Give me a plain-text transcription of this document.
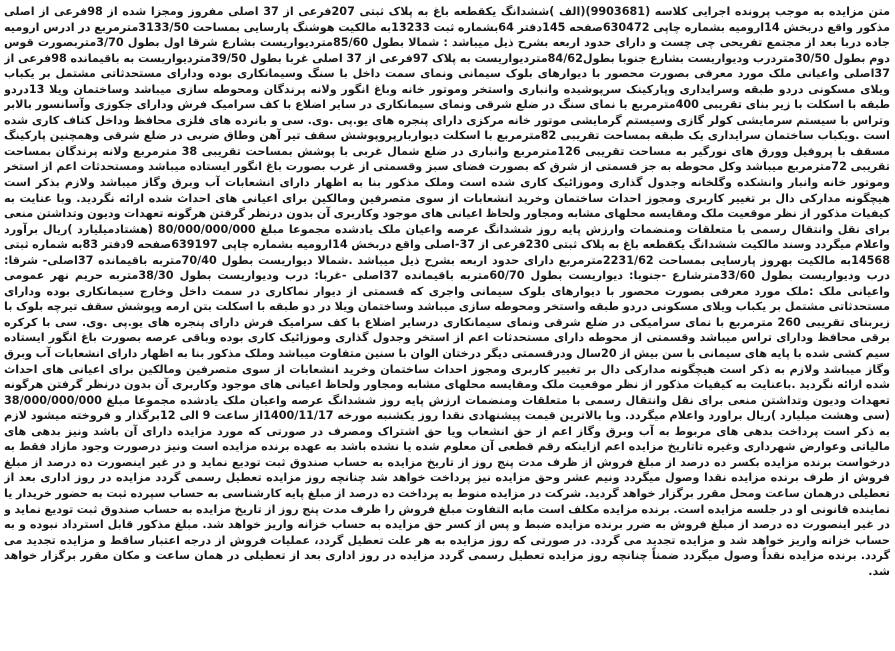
متن مزایده به موجب پرونده اجرایی کلاسه (9903681)(الف )ششدانگ یکقطعه باغ به پلاک ثبتی 207فرعی از 37 اصلی مفروز ومجزا شده از 98فرعی از اصلی مذکور واقع دربخش 14ارومیه بشماره چاپی 630472صفحه 145دفتر 64بشماره ثبت 13233به مالکیت هوشنگ پارسایی بمساحت 3133/50مترمربع در ادرس ارومیه جاده دربا بعد از مجتمع تفریحی چی چست و دارای حدود اربعه بشرح ذیل میباشد : شمالا بطول 85/60متردیواریست بشارع شرقا اول بطول 3/70متربصورت قوس دوم بطول 30/50متردرب ودیواریست بشارع جنوبا بطول84/62متردیواریست به پلاک 97فرعی از 37 اصلی غربا بطول 39/50متردیواریست به باقیمانده 98فرعی از 37اصلی واعیانی ملک مورد معرفی بصورت محصور با دیوارهای بلوک سیمانی ونمای سمت داخل با سنگ وسیمانکاری بوده ودارای مستحدثاتی مشتمل بر یکباب ویلای مسکونی دردو طبقه وسرایداری وپارکینک سرپوشیده وانباری واستخر وموتور خانه وباغ انگور ولانه پرندگان ومحوطه سازی میباشد وساختمان ویلا 13دردو طبقه با اسکلت با زیر بنای تقریبی 400مترمربع با نمای سنگ در ضلع شرقی ونمای سیمانکاری در سایر اضلاع با کف سرامیک فرش ودارای جکوزی وآسانسور بالابر وتراس با سیستم سرمایشی کولر گازی وسیستم گرمایشی موتور خانه مرکزی دارای پنجره های یو.پی .وی. سی و بانرده های فلزی محافظ وداخل کناف کاری شده است .ویکباب ساختمان سرایداری یک طبقه بمساحت تقریبی 82مترمربع با اسکلت دیواربارپروپوشش سقف تیر آهن وطاق ضربی در ضلع شرقی وهمچنین پارکینگ مسقف با پروفیل وورق های نورگیر به مساحت تقریبی 126مترمربع وانباری در ضلع شمال غربی با پوشش بمساحت تقریبی 38 مترمربع ولانه پرندگان بمساحت تقریبی 72مترمربع میباشد وکل محوطه به جز قسمتی از شرق که بصورت فضای سبز وقسمتی از غرب بصورت باغ انگور ایستاده میباشد ومستحدثات اعم از استخر وموتور خانه وانبار وانشکده وگلخانه وجدول گذاری وموزائیک کاری شده است وملک مذکور بنا به اظهار دارای انشعابات آب وبرق وگاز میباشد ولازم بذکر است هیچگونه مدارکی دال بر تغییر کاربری ومجوز احداث ساختمان وخرید انشعابات از سوی متصرفین ومالکین برای اعیانی های احداث شده ارائه نگردید. وبا عنایت به کیفیات مذکور از نظر موقعیت ملک ومقایسه محلهای مشابه ومجاور ولحاظ اعیانی های موجود وکاربری آن بدون درنظر گرفتن هرگونه تعهدات ودیون وتداشتن منعی برای نقل وانتقال رسمی با متعلقات ومنضمات وارزش پایه روز ششدانگ عرصه واعیان ملک یادشده مجموعا مبلغ 80/000/000/000 (هشتادمیلیارد )ریال برآورد واعلام میگردد وسند مالکیت ششدانگ یکقطعه باغ به پلاک ثبتی 230فرعی از 37-اصلی واقع دربخش 14ارومیه بشماره چاپی 639197صفحه 9دفتر 83به شماره ثبتی 14568به مالکیت بهروز پارسایی بمساحت 2231/62مترمربع دارای حدود اربعه بشرح ذیل میباشد .شمالا دیواریست بطول 70/40متربه باقیمانده 37اصلی- شرقا: درب ودیواریست بطول 33/60مترشارع -جنوبا: دیواریست بطول 60/70متربه باقیمانده 37اصلی -غربا: درب ودیواریست بطول 38/30متربه حریم نهر عمومی واعیانی ملک :ملک مورد معرفی بصورت محصور با دیوارهای بلوک سیمانی واجری که قسمتی از دیوار نماکاری در سمت داخل وخارج سیمانکاری بوده ودارای مستحدثاتی مشتمل بر یکباب ویلای مسکونی دردو طبقه واستخر ومحوطه سازی میباشد وساختمان ویلا در دو طبقه با اسکلت بتن ارمه وپوشش سقف تیرچه بلوک با زیربنای تقریبی 260 مترمربع با نمای سرامیکی در ضلع شرقی ونمای سیمانکاری درسایر اضلاع با کف سرامیک فرش دارای پنجره های یو.پی .وی. سی با کرکره برقی محافظ ودارای تراس میباشد وقسمتی از محوطه دارای مستحدثات اعم از استخر وجدول گذاری وموزائیک کاری بوده وباقی عرصه بصورت باغ انگور ایستاده سیم کشی شده با پایه های سیمانی با سن بیش از 20سال ودرقسمتی دیگر درختان الوان با سنین متفاوت میباشد وملک مذکور بنا به اظهار دارای انشعابات آب وبرق وگاز میباشد ولازم به ذکر است هیچگونه مدارکی دال بر تغییر کاربری ومجوز احداث ساختمان وخرید انشعابات از سوی متصرفین ومالکین برای اعیانی های احداث شده ارائه نگردید .باعنایت به کیفیات مذکور از نظر موقعیت ملک ومقایسه محلهای مشابه ومجاور ولحاظ اعیانی های موجود وکاربری آن بدون درنظر گرفتن هرگونه تعهدات ودیون وتداشتن منعی برای نقل وانتقال رسمی با متعلقات ومنضمات ارزش پایه روز ششدانگ عرصه واعیان ملک یادشده مجموعا مبلغ 38/000/000/000 (سی وهشت میلیارد )ریال براورد واعلام میگردد. وبا بالاترین قیمت پیشنهادی نقدا روز یکشنبه مورخه 1400/11/17از ساعت 9 الی 12برگذار و فروخته میشود لازم به ذکر است پرداخت بدهی های مربوط به آب وبرق وگاز اعم از حق انشعاب ویا حق اشتراک ومصرف در صورتی که مورد مزایده دارای آن باشد ونیز بدهی های مالیاتی وعوارض شهرداری وغیره تاتاریخ مزایده اعم ازاینکه رقم قطعی آن معلوم شده یا نشده باشد به عهده برنده مزایده است ونیز درصورت وجود مازاد فقط به درخواست برنده مزایده بکسر ده درصد از مبلغ فروش از ظرف مدت پنج روز از تاریخ مزایده به حساب صندوق ثبت تودیع نماید و در غیر اینصورت ده درصد از مبلغ فروش از طرف برنده مزایده نقدا وصول میگردد ونیم عشر وحق مزایده نیز پرداخت خواهد شد چنانچه روز مزایده تعطیل رسمی گردد مزایده در روز اداری بعد از تعطیلی درهمان ساعت ومحل مقرر برگزار خواهد گردید. شرکت در مزایده منوط به پرداخت ده درصد از مبلغ پایه کارشناسی به حساب سپرده ثبت به حضور خریدار یا نماینده قانونی او در جلسه مزایده است. برنده مزایده مکلف است مابه التفاوت مبلغ فروش را ظرف مدت پنج روز از تاریخ مزایده به حساب صندوق ثبت تودیع نماید و در غیر اینصورت ده درصد از مبلغ فروش به ضرر برنده مزایده ضبط و پس از کسر حق مزایده به حساب خزانه واریز خواهد شد. مبلغ مذکور قابل استرداد نبوده و به حساب خزانه واریز خواهد شد و مزایده تجدید می گردد. در صورتی که روز مزایده به هر علت تعطیل گردد، عملیات فروش از درجه اعتبار ساقط و مزایده تجدید می گردد. برنده مزایده نقداً وصول میگردد ضمناً چنانچه روز مزایده تعطیل رسمی گردد مزایده در روز اداری بعد از تعطیلی در همان ساعت و مکان مقرر برگزار خواهد شد.
